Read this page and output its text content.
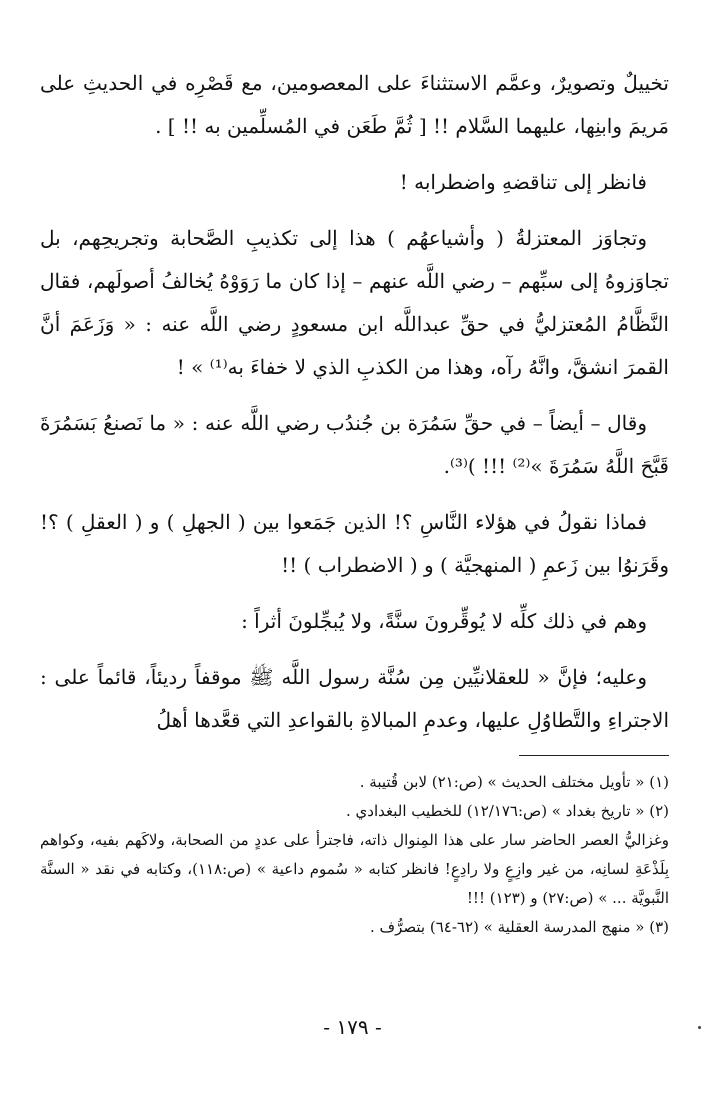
تخييلٌ وتصويرٌ، وعمَّم الاستثناءَ على المعصومين، مع قَصْرِه في الحديثِ على مَريمَ وابنِها، عليهما السَّلام !! [ ثُمَّ طَعَن في المُسلِّمين به !! ] .

فانظر إلى تناقضهِ واضطرابه !

وتجاوَز المعتزلةُ ( وأشياعهُم ) هذا إلى تكذيبِ الصَّحابة وتجريحِهم، بل تجاوَزوهُ إلى سبِّهم – رضي اللَّه عنهم – إذا كان ما رَوَوْهُ يُخالفُ أصولَهم، فقال النَّظَّامُ المُعتزليُّ في حقِّ عبداللَّه ابن مسعودٍ رضي اللَّه عنه : « وَزَعَمَ أنَّ القمرَ انشقَّ، وانَّهُ رآه، وهذا من الكذبِ الذي لا خفاءَ به⁽¹⁾ » !

وقال – أيضاً – في حقِّ سَمُرَة بن جُندُب رضي اللَّه عنه : « ما نَصنعُ بَسَمُرَةَ قَبَّحَ اللَّهُ سَمُرَةَ »⁽²⁾ !!! )⁽³⁾.

فماذا نقولُ في هؤلاء النَّاسِ ؟! الذين جَمَعوا بين ( الجهلِ ) و ( العقلِ ) ؟! وقَرَنوُا بين زَعمِ ( المنهجيَّة ) و ( الاضطراب ) !!

وهم في ذلك كلِّه لا يُوقِّرونَ سنَّةً، ولا يُبجِّلونَ أثراً :

وعليه؛ فإنَّ « للعقلانيِّين مِن سُنَّة رسول اللَّه ﷺ موقفاً رديئاً، قائماً على : الاجتراءِ والتَّطاوُلِ عليها، وعدمِ المبالاةِ بالقواعدِ التي قعَّدها أهلُ

(١) « تأويل مختلف الحديث » (ص:٢١) لابن قُتيبة .

(٢) « تاريخ بغداد » (ص:١٢/١٧٦) للخطيب البغدادي .

وغزاليُّ العصر الحاضر سار على هذا المِنوال ذاته، فاجترأ على عددٍ من الصحابة، ولاكَهم بفيه، وكواهم بِلَذْعَةِ لسانِه، من غير وازِعٍ ولا رادِعٍ! فانظر كتابه « سُموم داعية » (ص:١١٨)، وكتابه في نقد « السنَّة النَّبويَّة ... » (ص:٢٧) و (١٢٣) !!!

(٣) « منهج المدرسة العقلية » (٦٢-٦٤) بتصرُّف .

- ١٧٩ -
